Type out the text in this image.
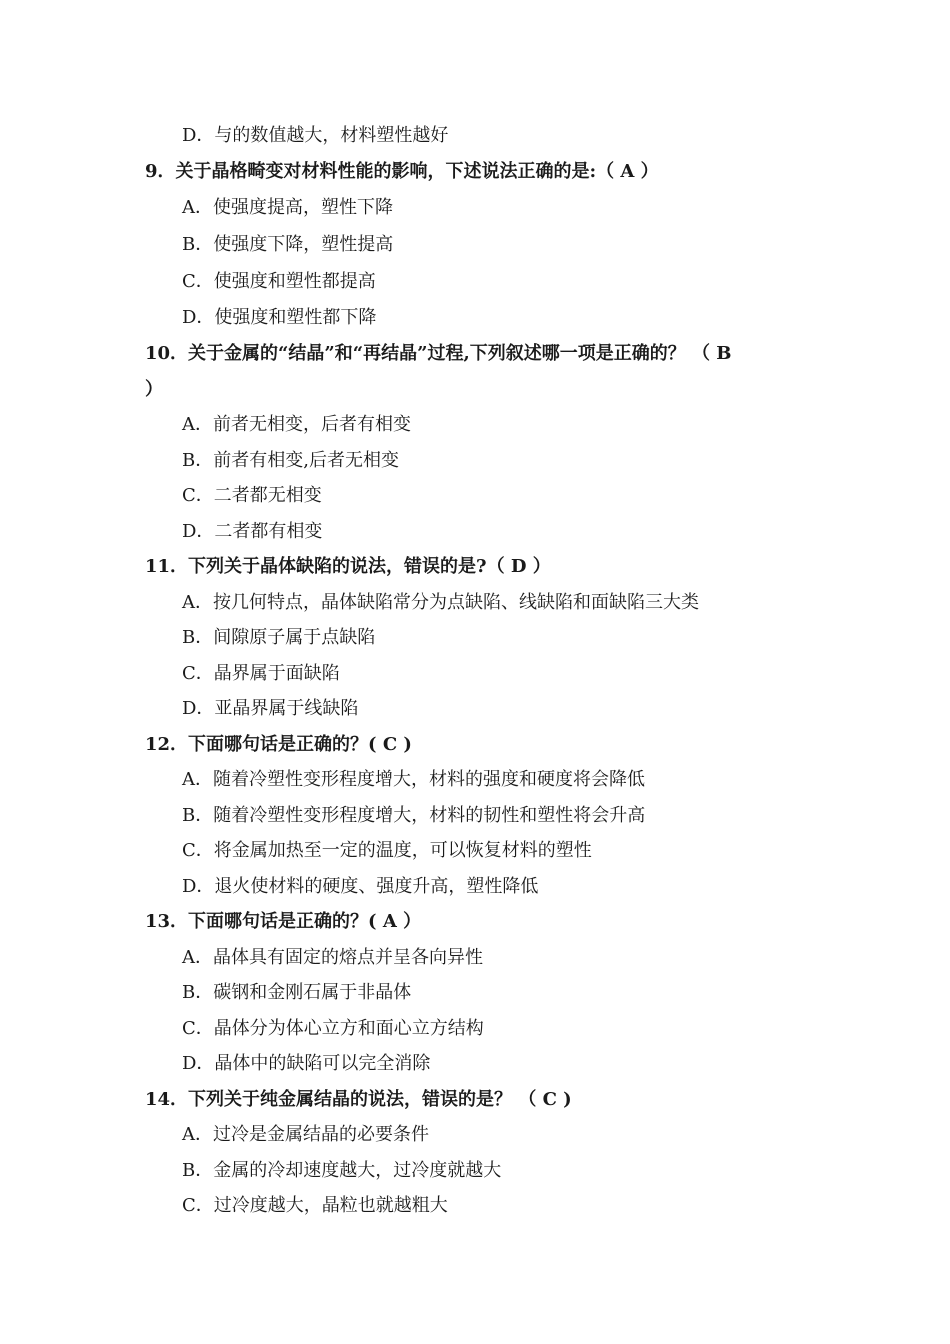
D．与的数值越大，材料塑性越好
9．关于晶格畸变对材料性能的影响，下述说法正确的是:（ A ）
A．使强度提高，塑性下降
B．使强度下降，塑性提高
C．使强度和塑性都提高
D．使强度和塑性都下降
10．关于金属的“结晶”和“再结晶”过程,下列叙述哪一项是正确的？ （ B
）
A．前者无相变，后者有相变
B．前者有相变,后者无相变
C．二者都无相变
D．二者都有相变
11．下列关于晶体缺陷的说法，错误的是?（ D ）
A．按几何特点，晶体缺陷常分为点缺陷、线缺陷和面缺陷三大类
B．间隙原子属于点缺陷
C．晶界属于面缺陷
D．亚晶界属于线缺陷
12．下面哪句话是正确的？( C )
A．随着冷塑性变形程度增大，材料的强度和硬度将会降低
B．随着冷塑性变形程度增大，材料的韧性和塑性将会升高
C．将金属加热至一定的温度，可以恢复材料的塑性
D．退火使材料的硬度、强度升高，塑性降低
13．下面哪句话是正确的？( A ）
A．晶体具有固定的熔点并呈各向异性
B．碳钢和金刚石属于非晶体
C．晶体分为体心立方和面心立方结构
D．晶体中的缺陷可以完全消除
14．下列关于纯金属结晶的说法，错误的是？ （ C )
A．过冷是金属结晶的必要条件
B．金属的冷却速度越大，过冷度就越大
C．过冷度越大，晶粒也就越粗大
